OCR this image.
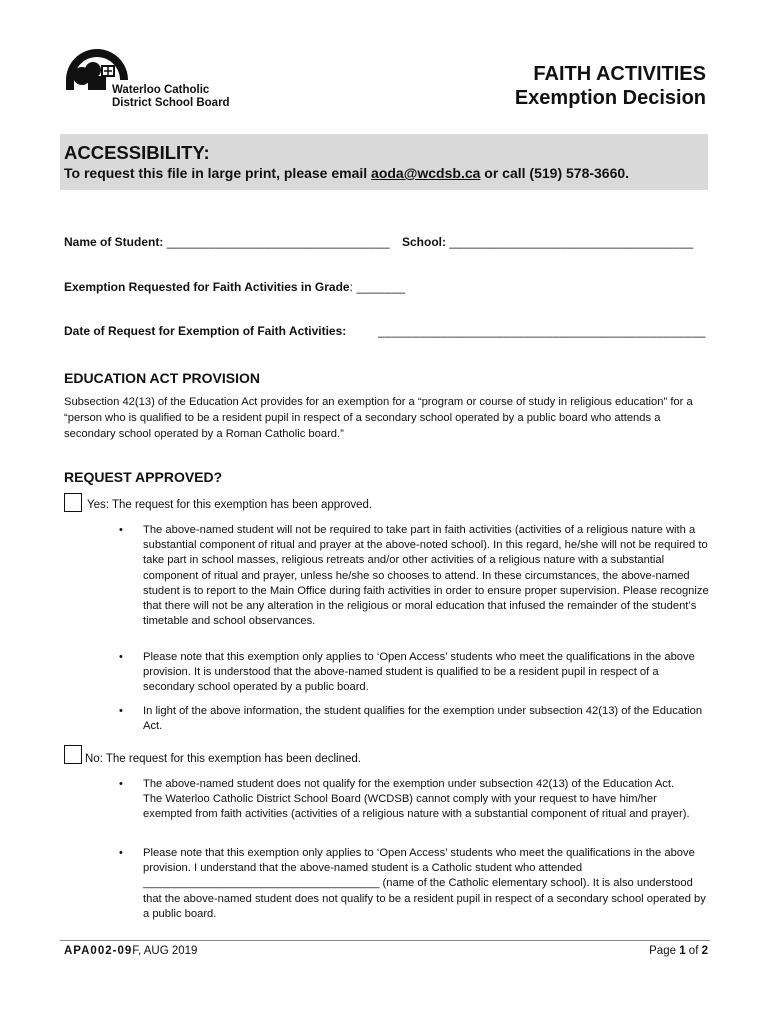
Waterloo Catholic
District School Board
FAITH ACTIVITIES
Exemption Decision
ACCESSIBILITY:
To request this file in large print, please email aoda@wcdsb.ca or call (519) 578-3660.
Name of Student: ________________________________ School: ___________________________________
Exemption Requested for Faith Activities in Grade: _______
Date of Request for Exemption of Faith Activities:	_______________________________________________
EDUCATION ACT PROVISION
Subsection 42(13) of the Education Act provides for an exemption for a “program or course of study in religious education” for a “person who is qualified to be a resident pupil in respect of a secondary school operated by a public board who attends a secondary school operated by a Roman Catholic board.”
REQUEST APPROVED?
Yes: The request for this exemption has been approved.
• The above-named student will not be required to take part in faith activities (activities of a religious nature with a substantial component of ritual and prayer at the above-noted school). In this regard, he/she will not be required to take part in school masses, religious retreats and/or other activities of a religious nature with a substantial component of ritual and prayer, unless he/she so chooses to attend. In these circumstances, the above-named student is to report to the Main Office during faith activities in order to ensure proper supervision. Please recognize that there will not be any alteration in the religious or moral education that infused the remainder of the student’s timetable and school observances.
• Please note that this exemption only applies to ‘Open Access’ students who meet the qualifications in the above provision. It is understood that the above-named student is qualified to be a resident pupil in respect of a secondary school operated by a public board.
• In light of the above information, the student qualifies for the exemption under subsection 42(13) of the Education Act.
No: The request for this exemption has been declined.
• The above-named student does not qualify for the exemption under subsection 42(13) of the Education Act. The Waterloo Catholic District School Board (WCDSB) cannot comply with your request to have him/her exempted from faith activities (activities of a religious nature with a substantial component of ritual and prayer).
• Please note that this exemption only applies to ‘Open Access’ students who meet the qualifications in the above provision. I understand that the above-named student is a Catholic student who attended ______________________________________ (name of the Catholic elementary school). It is also understood that the above-named student does not qualify to be a resident pupil in respect of a secondary school operated by a public board.
APA002-09F, AUG 2019	Page 1 of 2
